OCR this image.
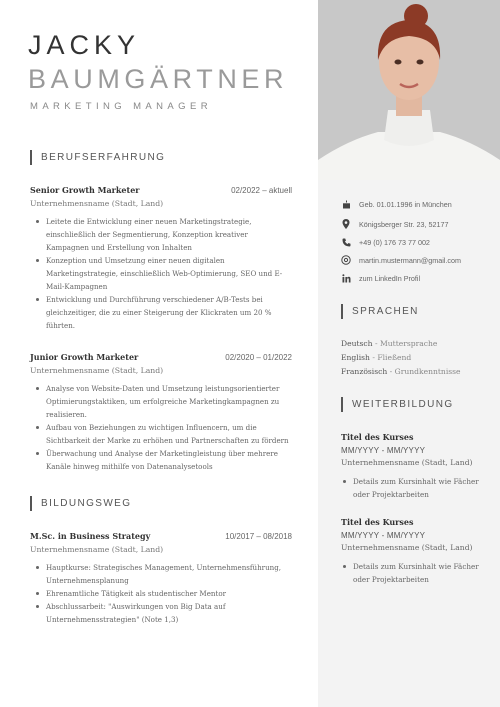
JACKY
BAUMGÄRTNER
MARKETING MANAGER
BERUFSERFAHRUNG
Senior Growth Marketer	02/2022 – aktuell
Unternehmensname (Stadt, Land)
Leitete die Entwicklung einer neuen Marketingstrategie, einschließlich der Segmentierung, Konzeption kreativer Kampagnen und Erstellung von Inhalten
Konzeption und Umsetzung einer neuen digitalen Marketingstrategie, einschließlich Web-Optimierung, SEO und E-Mail-Kampagnen
Entwicklung und Durchführung verschiedener A/B-Tests bei gleichzeitiger, die zu einer Steigerung der Klickraten um 20 % führten.
Junior Growth Marketer	02/2020 – 01/2022
Unternehmensname (Stadt, Land)
Analyse von Website-Daten und Umsetzung leistungsorientierter Optimierungstaktiken, um erfolgreiche Marketingkampagnen zu realisieren.
Aufbau von Beziehungen zu wichtigen Influencern, um die Sichtbarkeit der Marke zu erhöhen und Partnerschaften zu fördern
Überwachung und Analyse der Marketingleistung über mehrere Kanäle hinweg mithilfe von Datenanalysetools
BILDUNGSWEG
M.Sc. in Business Strategy	10/2017 – 08/2018
Unternehmensname (Stadt, Land)
Hauptkurse: Strategisches Management, Unternehmensführung, Unternehmensplanung
Ehrenamtliche Tätigkeit als studentischer Mentor
Abschlussarbeit: "Auswirkungen von Big Data auf Unternehmensstrategien" (Note 1,3)
Geb. 01.01.1996 in München
Königsberger Str. 23, 52177
+49 (0) 176 73 77 002
martin.mustermann@gmail.com
zum LinkedIn Profil
SPRACHEN
Deutsch - Muttersprache
English - Fließend
Französisch - Grundkenntnisse
WEITERBILDUNG
Titel des Kurses
MM/YYYY - MM/YYYY
Unternehmensname (Stadt, Land)
Details zum Kursinhalt wie Fächer oder Projektarbeiten
Titel des Kurses
MM/YYYY - MM/YYYY
Unternehmensname (Stadt, Land)
Details zum Kursinhalt wie Fächer oder Projektarbeiten
